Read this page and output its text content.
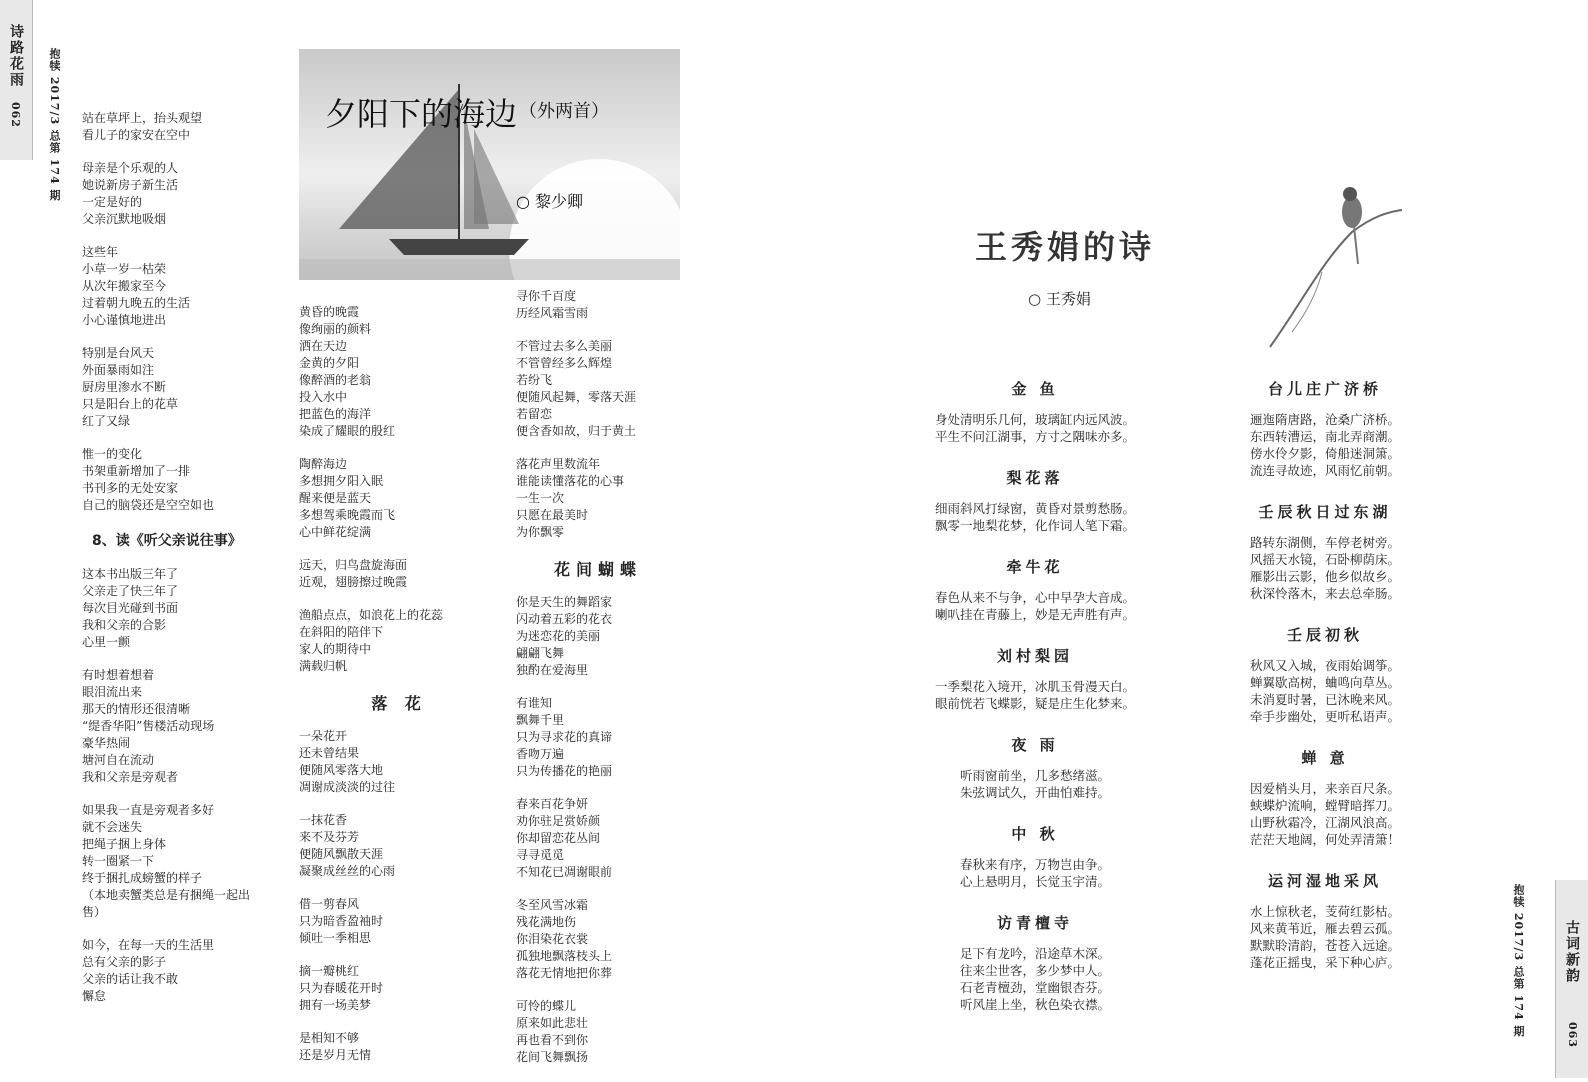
诗路花雨
062 抱犊 2017/3 总第 174 期 站在草坪上，抬头观望
看儿子的家安在空中
母亲是个乐观的人
她说新房子新生活
一定是好的
父亲沉默地吸烟
这些年
小草一岁一枯荣
从次年搬家至今
过着朝九晚五的生活
小心谨慎地进出
特别是台风天
外面暴雨如注
厨房里渗水不断
只是阳台上的花草
红了又绿
惟一的变化
书架重新增加了一排
书刊多的无处安家
自己的脑袋还是空空如也
8、读《听父亲说往事》
这本书出版三年了
父亲走了快三年了
每次目光碰到书面
我和父亲的合影
心里一颤
有时想着想着
眼泪流出来
那天的情形还很清晰
“缇香华阳”售楼活动现场
豪华热闹
塘河自在流动
我和父亲是旁观者
如果我一直是旁观者多好
就不会迷失
把绳子捆上身体
转一圈紧一下
终于捆扎成螃蟹的样子
（本地卖蟹类总是有捆绳一起出
售）
如今，在每一天的生活里
总有父亲的影子
父亲的话让我不敢
懈怠
夕阳下的海边 （外两首）
○ 黎少卿
黄昏的晚霞
像绚丽的颜料
洒在天边
金黄的夕阳
像醉酒的老翁
投入水中
把蓝色的海洋
染成了耀眼的殷红
陶醉海边
多想拥夕阳入眠
醒来便是蓝天
多想驾乘晚霞而飞
心中鲜花绽满
远天，归鸟盘旋海面
近观，翅膀擦过晚霞
渔船点点，如浪花上的花蕊
在斜阳的陪伴下
家人的期待中
满载归帆
落 花
一朵花开
还未曾结果
便随风零落大地
凋谢成淡淡的过往
一抹花香
来不及芬芳
便随风飘散天涯
凝聚成丝丝的心雨
借一剪春风
只为暗香盈袖时
倾吐一季相思
摘一瓣桃红
只为春暖花开时
拥有一场美梦
是相知不够
还是岁月无情
寻你千百度
历经风霜雪雨
不管过去多么美丽
不管曾经多么辉煌
若纷飞
便随风起舞，零落天涯
若留恋
便含香如故，归于黄土
落花声里数流年
谁能读懂落花的心事
一生一次
只愿在最美时
为你飘零
花间蝴蝶
你是天生的舞蹈家
闪动着五彩的花衣
为迷恋花的美丽
翩翩飞舞
独酌在爱海里
有谁知
飘舞千里
只为寻求花的真谛
香吻万遍
只为传播花的艳丽
春来百花争妍
劝你驻足赏娇颜
你却留恋花丛间
寻寻觅觅
不知花已凋谢眼前
冬至风雪冰霜
残花满地伤
你泪染花衣裳
孤独地飘落枝头上
落花无情地把你葬
可怜的蝶儿
原来如此悲壮
再也看不到你
花间飞舞飘扬
王秀娟的诗
○ 王秀娟
金 鱼
身处清明乐几何，玻璃缸内远风波。
平生不问江湖事，方寸之隅味亦多。
梨花落
细雨斜风打绿窗，黄昏对景剪愁肠。
飘零一地梨花梦，化作词人笔下霜。
牵牛花
春色从来不与争，心中早孕大音成。
喇叭挂在青藤上，妙是无声胜有声。
刘村梨园
一季梨花入境开，冰肌玉骨漫天白。
眼前恍若飞蝶影，疑是庄生化梦来。
夜 雨
听雨窗前坐，几多愁绪滋。
朱弦调试久，开曲怕难持。
中 秋
春秋来有序，万物岂由争。
心上悬明月，长觉玉宇清。
访青檀寺
足下有龙吟，沿途草木深。
往来尘世客，多少梦中人。
石老青檀劲，堂幽银杏芬。
听风崖上坐，秋色染衣襟。
台儿庄广济桥
逦迤隋唐路，沧桑广济桥。
东西转漕运，南北弄商潮。
傍水伶夕影，倚船迷洞箫。
流连寻故迹，风雨忆前朝。
壬辰秋日过东湖
路转东湖侧，车停老树旁。
风摇天水镜，石卧柳荫床。
雁影出云影，他乡似故乡。
秋深怜落木，来去总牵肠。
壬辰初秋
秋风又入城，夜雨始调筝。
蝉翼歇高树，蛐鸣向草丛。
未消夏时暑，已沐晚来风。
牵手步幽处，更听私语声。
蝉 意
因爱梢头月，来亲百尺条。
蛱蝶炉流响，螳臂暗挥刀。
山野秋霜冷，江湖风浪高。
茫茫天地阔，何处弄清箫！
运河湿地采风
水上惊秋老，芰荷红影枯。
风来黄苇近，雁去碧云孤。
默默聆清韵，苍苍入远途。
蓬花正摇曳，采下种心庐。	抱犊 2017/3 总第 174 期	古词新韵
063
